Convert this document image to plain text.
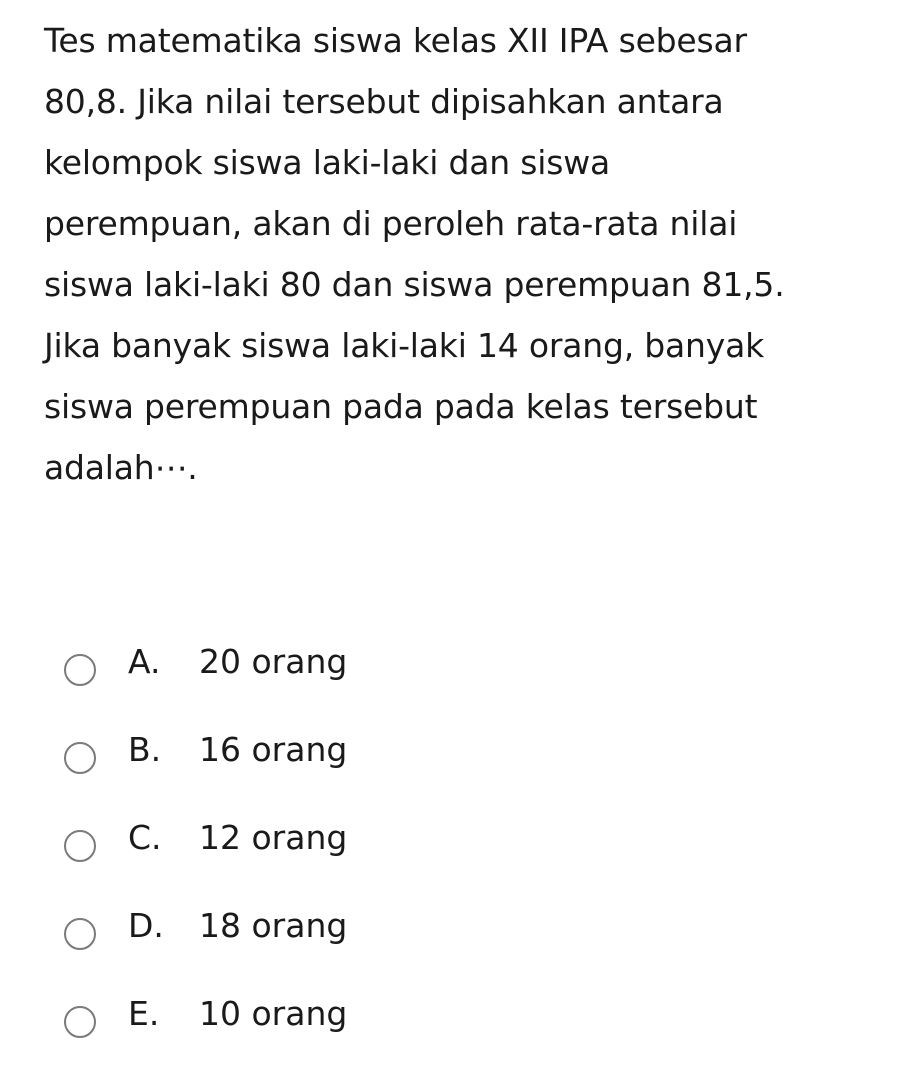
Tes matematika siswa kelas XII IPA sebesar
80,8. Jika nilai tersebut dipisahkan antara
kelompok siswa laki-laki dan siswa
perempuan, akan di peroleh rata-rata nilai
siswa laki-laki 80 dan siswa perempuan 81,5.
Jika banyak siswa laki-laki 14 orang, banyak
siswa perempuan pada pada kelas tersebut
adalah⋯.
A. 20 orang
B. 16 orang
C. 12 orang
D. 18 orang
E. 10 orang
